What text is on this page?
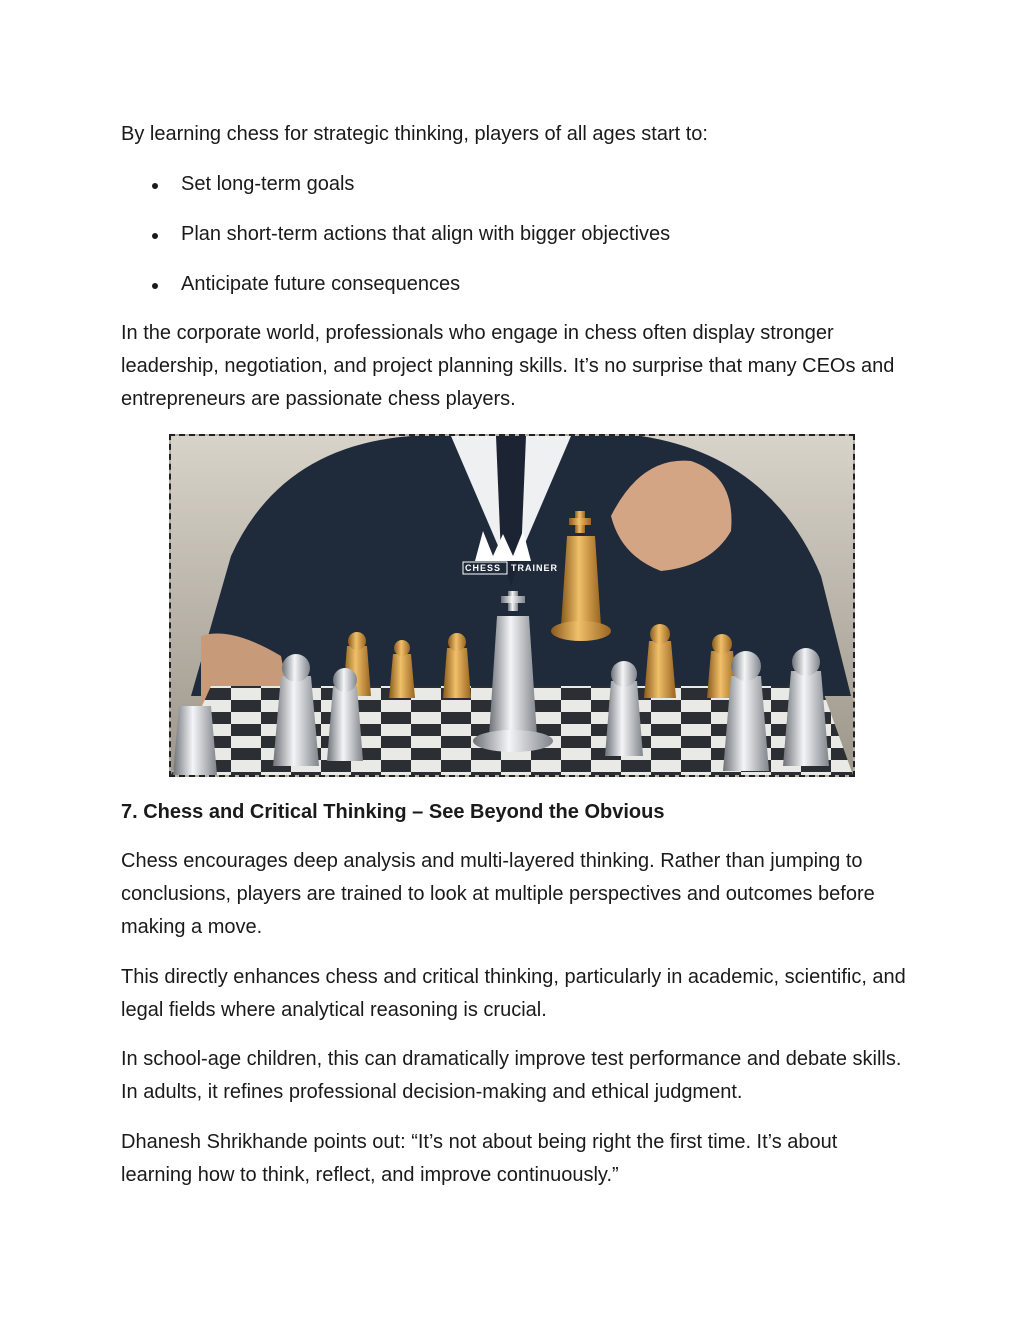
By learning chess for strategic thinking, players of all ages start to:

Set long-term goals
Plan short-term actions that align with bigger objectives
Anticipate future consequences

In the corporate world, professionals who engage in chess often display stronger leadership, negotiation, and project planning skills. It’s no surprise that many CEOs and entrepreneurs are passionate chess players.

CHESS TRAINER

7. Chess and Critical Thinking – See Beyond the Obvious

Chess encourages deep analysis and multi-layered thinking. Rather than jumping to conclusions, players are trained to look at multiple perspectives and outcomes before making a move.

This directly enhances chess and critical thinking, particularly in academic, scientific, and legal fields where analytical reasoning is crucial.

In school-age children, this can dramatically improve test performance and debate skills. In adults, it refines professional decision-making and ethical judgment.

Dhanesh Shrikhande points out: “It’s not about being right the first time. It’s about learning how to think, reflect, and improve continuously.”
